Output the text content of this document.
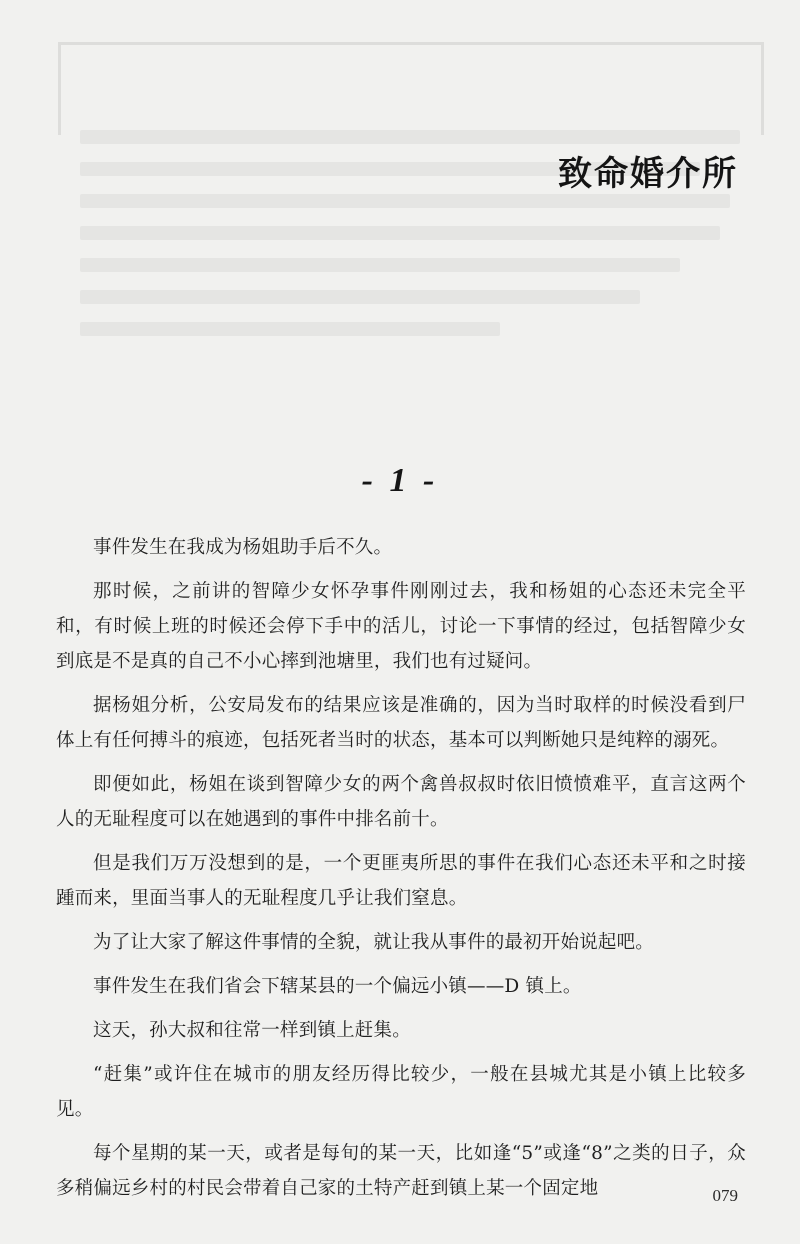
致命婚介所
- 1 -

事件发生在我成为杨姐助手后不久。

那时候，之前讲的智障少女怀孕事件刚刚过去，我和杨姐的心态还未完全平和，有时候上班的时候还会停下手中的活儿，讨论一下事情的经过，包括智障少女到底是不是真的自己不小心摔到池塘里，我们也有过疑问。

据杨姐分析，公安局发布的结果应该是准确的，因为当时取样的时候没看到尸体上有任何搏斗的痕迹，包括死者当时的状态，基本可以判断她只是纯粹的溺死。

即便如此，杨姐在谈到智障少女的两个禽兽叔叔时依旧愤愤难平，直言这两个人的无耻程度可以在她遇到的事件中排名前十。

但是我们万万没想到的是，一个更匪夷所思的事件在我们心态还未平和之时接踵而来，里面当事人的无耻程度几乎让我们窒息。

为了让大家了解这件事情的全貌，就让我从事件的最初开始说起吧。

事件发生在我们省会下辖某县的一个偏远小镇——D 镇上。

这天，孙大叔和往常一样到镇上赶集。

“赶集”或许住在城市的朋友经历得比较少，一般在县城尤其是小镇上比较多见。

每个星期的某一天，或者是每旬的某一天，比如逢“5”或逢“8”之类的日子，众多稍偏远乡村的村民会带着自己家的土特产赶到镇上某一个固定地	079
